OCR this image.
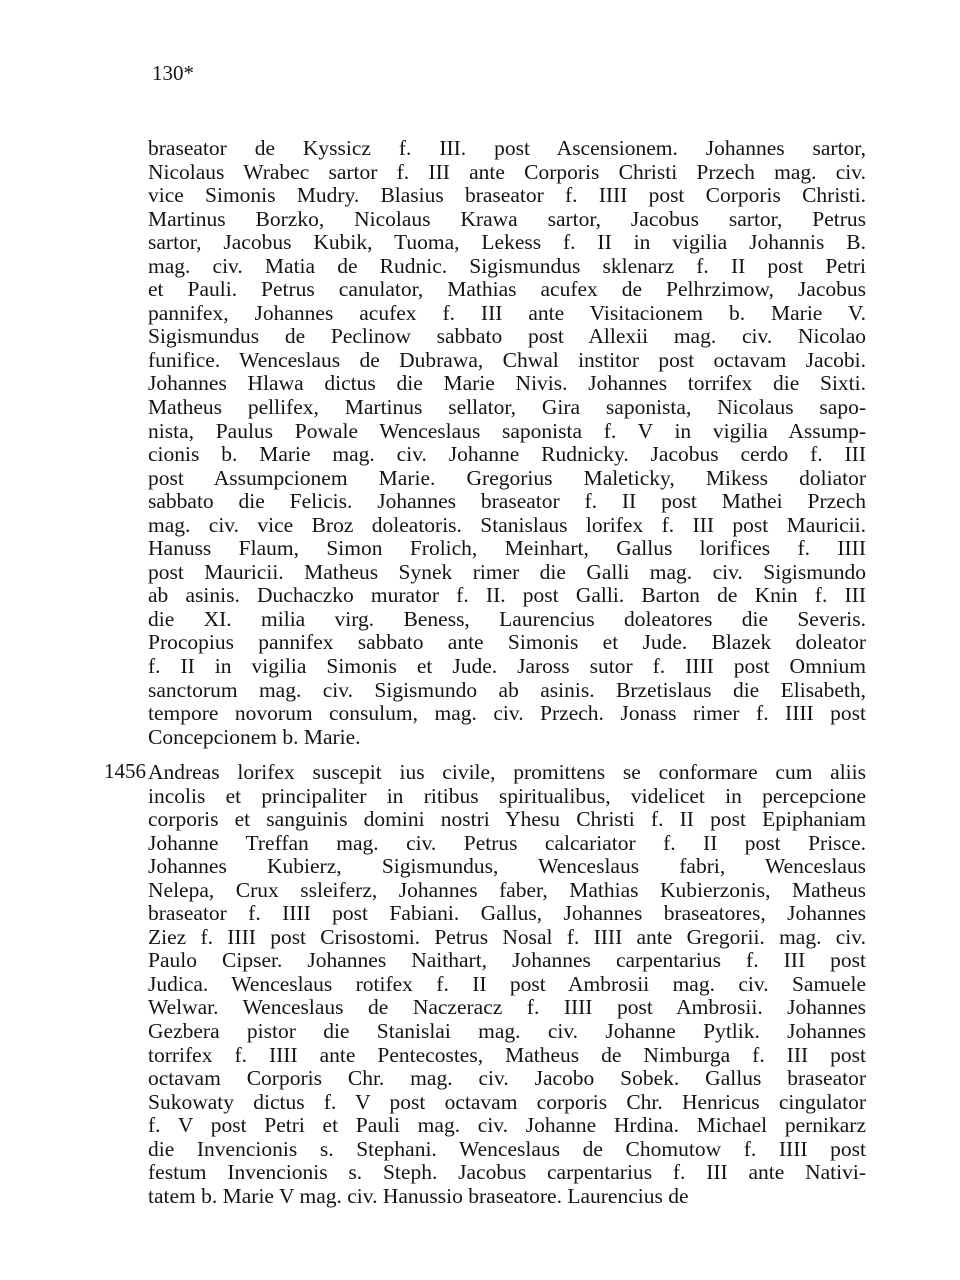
130*
1456
braseator de Kyssicz f. III. post Ascensionem. Johannes sartor,
Nicolaus Wrabec sartor f. III ante Corporis Christi Przech mag. civ.
vice Simonis Mudry. Blasius braseator f. IIII post Corporis Christi.
Martinus Borzko, Nicolaus Krawa sartor, Jacobus sartor, Petrus
sartor, Jacobus Kubik, Tuoma, Lekess f. II in vigilia Johannis B.
mag. civ. Matia de Rudnic. Sigismundus sklenarz f. II post Petri
et Pauli. Petrus canulator, Mathias acufex de Pelhrzimow, Jacobus
pannifex, Johannes acufex f. III ante Visitacionem b. Marie V.
Sigismundus de Peclinow sabbato post Allexii mag. civ. Nicolao
funifice. Wenceslaus de Dubrawa, Chwal institor post octavam Jacobi.
Johannes Hlawa dictus die Marie Nivis. Johannes torrifex die Sixti.
Matheus pellifex, Martinus sellator, Gira saponista, Nicolaus sapo-
nista, Paulus Powale Wenceslaus saponista f. V in vigilia Assump-
cionis b. Marie mag. civ. Johanne Rudnicky. Jacobus cerdo f. III
post Assumpcionem Marie. Gregorius Maleticky, Mikess doliator
sabbato die Felicis. Johannes braseator f. II post Mathei Przech
mag. civ. vice Broz doleatoris. Stanislaus lorifex f. III post Mauricii.
Hanuss Flaum, Simon Frolich, Meinhart, Gallus lorifices f. IIII
post Mauricii. Matheus Synek rimer die Galli mag. civ. Sigismundo
ab asinis. Duchaczko murator f. II. post Galli. Barton de Knin f. III
die XI. milia virg. Beness, Laurencius doleatores die Severis.
Procopius pannifex sabbato ante Simonis et Jude. Blazek doleator
f. II in vigilia Simonis et Jude. Jaross sutor f. IIII post Omnium
sanctorum mag. civ. Sigismundo ab asinis. Brzetislaus die Elisabeth,
tempore novorum consulum, mag. civ. Przech. Jonass rimer f. IIII post
Concepcionem b. Marie.
Andreas lorifex suscepit ius civile, promittens se conformare cum aliis
incolis et principaliter in ritibus spiritualibus, videlicet in percepcione
corporis et sanguinis domini nostri Yhesu Christi f. II post Epiphaniam
Johanne Treffan mag. civ. Petrus calcariator f. II post Prisce.
Johannes Kubierz, Sigismundus, Wenceslaus fabri, Wenceslaus
Nelepa, Crux ssleiferz, Johannes faber, Mathias Kubierzonis, Matheus
braseator f. IIII post Fabiani. Gallus, Johannes braseatores, Johannes
Ziez f. IIII post Crisostomi. Petrus Nosal f. IIII ante Gregorii. mag. civ.
Paulo Cipser. Johannes Naithart, Johannes carpentarius f. III post
Judica. Wenceslaus rotifex f. II post Ambrosii mag. civ. Samuele
Welwar. Wenceslaus de Naczeracz f. IIII post Ambrosii. Johannes
Gezbera pistor die Stanislai mag. civ. Johanne Pytlik. Johannes
torrifex f. IIII ante Pentecostes, Matheus de Nimburga f. III post
octavam Corporis Chr. mag. civ. Jacobo Sobek. Gallus braseator
Sukowaty dictus f. V post octavam corporis Chr. Henricus cingulator
f. V post Petri et Pauli mag. civ. Johanne Hrdina. Michael pernikarz
die Invencionis s. Stephani. Wenceslaus de Chomutow f. IIII post
festum Invencionis s. Steph. Jacobus carpentarius f. III ante Nativi-
tatem b. Marie V mag. civ. Hanussio braseatore. Laurencius de
